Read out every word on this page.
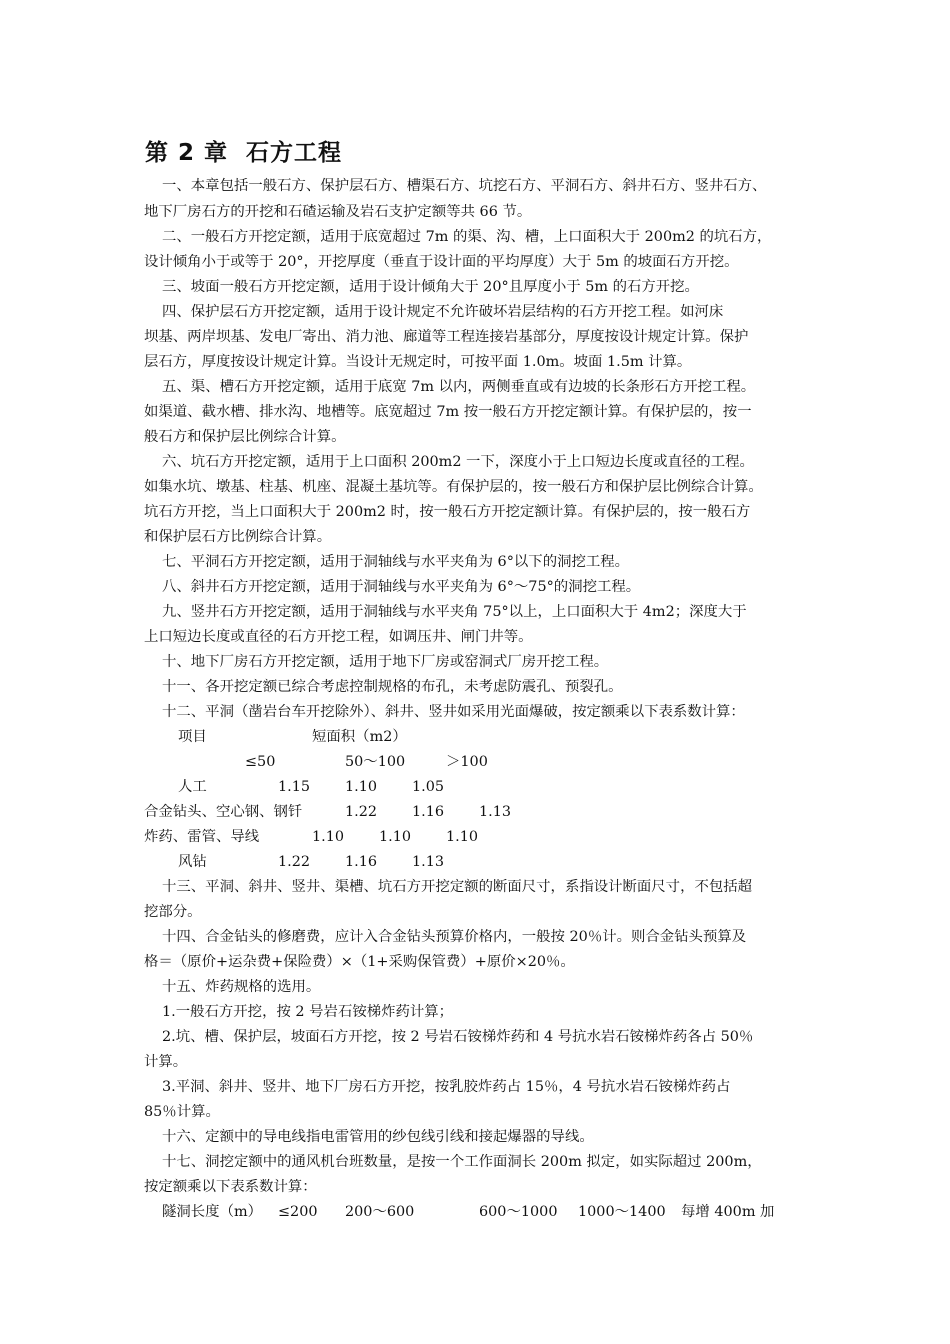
第 2 章  石方工程
一、本章包括一般石方、保护层石方、槽渠石方、坑挖石方、平洞石方、斜井石方、竖井石方、
地下厂房石方的开挖和石碴运输及岩石支护定额等共 66 节。
二、一般石方开挖定额，适用于底宽超过 7m 的渠、沟、槽，上口面积大于 200m2 的坑石方，
设计倾角小于或等于 20°，开挖厚度（垂直于设计面的平均厚度）大于 5m 的坡面石方开挖。
三、坡面一般石方开挖定额，适用于设计倾角大于 20°且厚度小于 5m 的石方开挖。
四、保护层石方开挖定额，适用于设计规定不允许破坏岩层结构的石方开挖工程。如河床
坝基、两岸坝基、发电厂寄出、消力池、廊道等工程连接岩基部分，厚度按设计规定计算。保护
层石方，厚度按设计规定计算。当设计无规定时，可按平面 1.0m。坡面 1.5m 计算。
五、渠、槽石方开挖定额，适用于底宽 7m 以内，两侧垂直或有边坡的长条形石方开挖工程。
如渠道、截水槽、排水沟、地槽等。底宽超过 7m 按一般石方开挖定额计算。有保护层的，按一
般石方和保护层比例综合计算。
六、坑石方开挖定额，适用于上口面积 200m2 一下，深度小于上口短边长度或直径的工程。
如集水坑、墩基、柱基、机座、混凝土基坑等。有保护层的，按一般石方和保护层比例综合计算。
坑石方开挖，当上口面积大于 200m2 时，按一般石方开挖定额计算。有保护层的，按一般石方
和保护层石方比例综合计算。
七、平洞石方开挖定额，适用于洞轴线与水平夹角为 6°以下的洞挖工程。
八、斜井石方开挖定额，适用于洞轴线与水平夹角为 6°～75°的洞挖工程。
九、竖井石方开挖定额，适用于洞轴线与水平夹角 75°以上，上口面积大于 4m2；深度大于
上口短边长度或直径的石方开挖工程，如调压井、闸门井等。
十、地下厂房石方开挖定额，适用于地下厂房或窑洞式厂房开挖工程。
十一、各开挖定额已综合考虑控制规格的布孔，未考虑防震孔、预裂孔。
十二、平洞（凿岩台车开挖除外）、斜井、竖井如采用光面爆破，按定额乘以下表系数计算：
项目	短面积（m2）
≤50	50～100	＞100
人工	1.15 1.10 1.05
合金钻头、空心钢、钢钎	1.22 1.16 1.13
炸药、雷管、导线	1.10 1.10 1.10
风钻	1.22 1.16 1.13
十三、平洞、斜井、竖井、渠槽、坑石方开挖定额的断面尺寸，系指设计断面尺寸，不包括超
挖部分。
十四、合金钻头的修磨费，应计入合金钻头预算价格内，一般按 20％计。则合金钻头预算及
格＝（原价+运杂费+保险费）×（1+采购保管费）+原价×20％。
十五、炸药规格的选用。
1.一般石方开挖，按 2 号岩石铵梯炸药计算；
2.坑、槽、保护层，坡面石方开挖，按 2 号岩石铵梯炸药和 4 号抗水岩石铵梯炸药各占 50％
计算。
3.平洞、斜井、竖井、地下厂房石方开挖，按乳胶炸药占 15％，4 号抗水岩石铵梯炸药占
85％计算。
十六、定额中的导电线指电雷管用的纱包线引线和接起爆器的导线。
十七、洞挖定额中的通风机台班数量，是按一个工作面洞长 200m 拟定，如实际超过 200m，
按定额乘以下表系数计算：
隧洞长度（m） ≤200 200～600	600～1000 1000～1400 每增 400m 加
